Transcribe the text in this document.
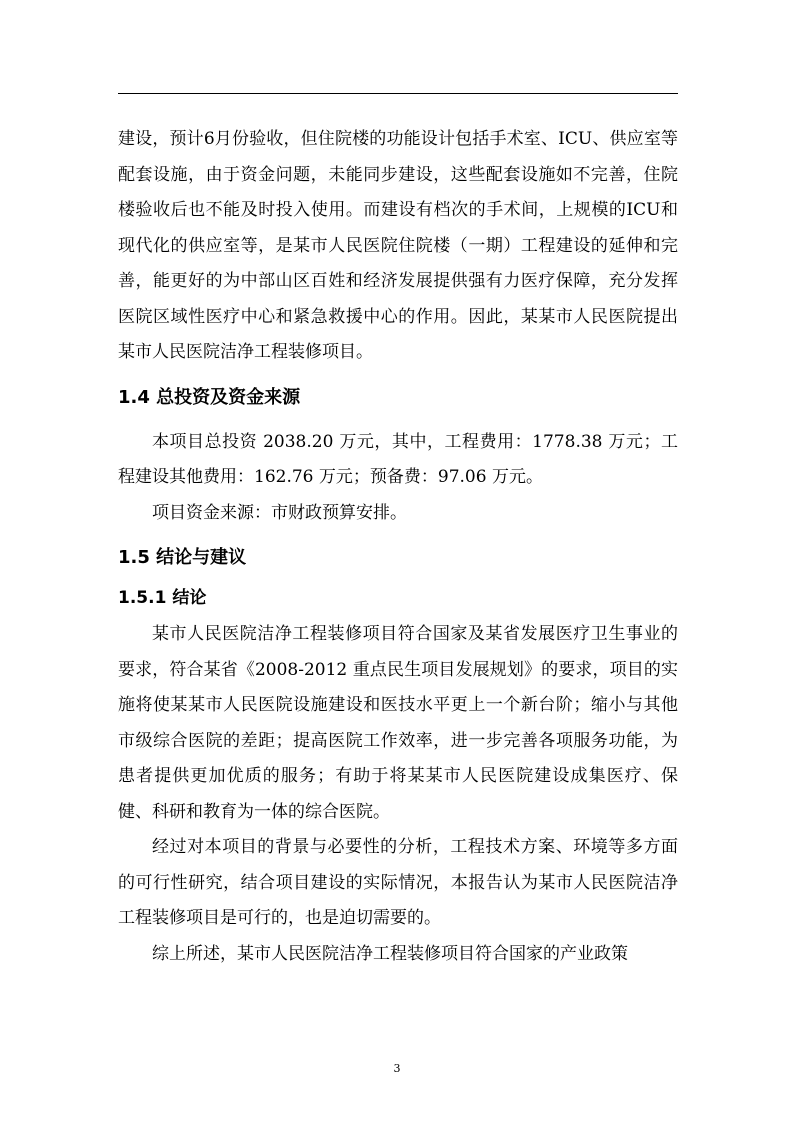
建设，预计6月份验收，但住院楼的功能设计包括手术室、ICU、供应室等配套设施，由于资金问题，未能同步建设，这些配套设施如不完善，住院楼验收后也不能及时投入使用。而建设有档次的手术间，上规模的ICU和现代化的供应室等，是某市人民医院住院楼（一期）工程建设的延伸和完善，能更好的为中部山区百姓和经济发展提供强有力医疗保障，充分发挥医院区域性医疗中心和紧急救援中心的作用。因此，某某市人民医院提出某市人民医院洁净工程装修项目。

1.4 总投资及资金来源

本项目总投资 2038.20 万元，其中，工程费用：1778.38 万元；工程建设其他费用：162.76 万元；预备费：97.06 万元。

项目资金来源：市财政预算安排。

1.5 结论与建议
1.5.1 结论

某市人民医院洁净工程装修项目符合国家及某省发展医疗卫生事业的要求，符合某省《2008-2012 重点民生项目发展规划》的要求，项目的实施将使某某市人民医院设施建设和医技水平更上一个新台阶；缩小与其他市级综合医院的差距；提高医院工作效率，进一步完善各项服务功能，为患者提供更加优质的服务；有助于将某某市人民医院建设成集医疗、保健、科研和教育为一体的综合医院。

经过对本项目的背景与必要性的分析，工程技术方案、环境等多方面的可行性研究，结合项目建设的实际情况，本报告认为某市人民医院洁净工程装修项目是可行的，也是迫切需要的。

综上所述，某市人民医院洁净工程装修项目符合国家的产业政策

3
